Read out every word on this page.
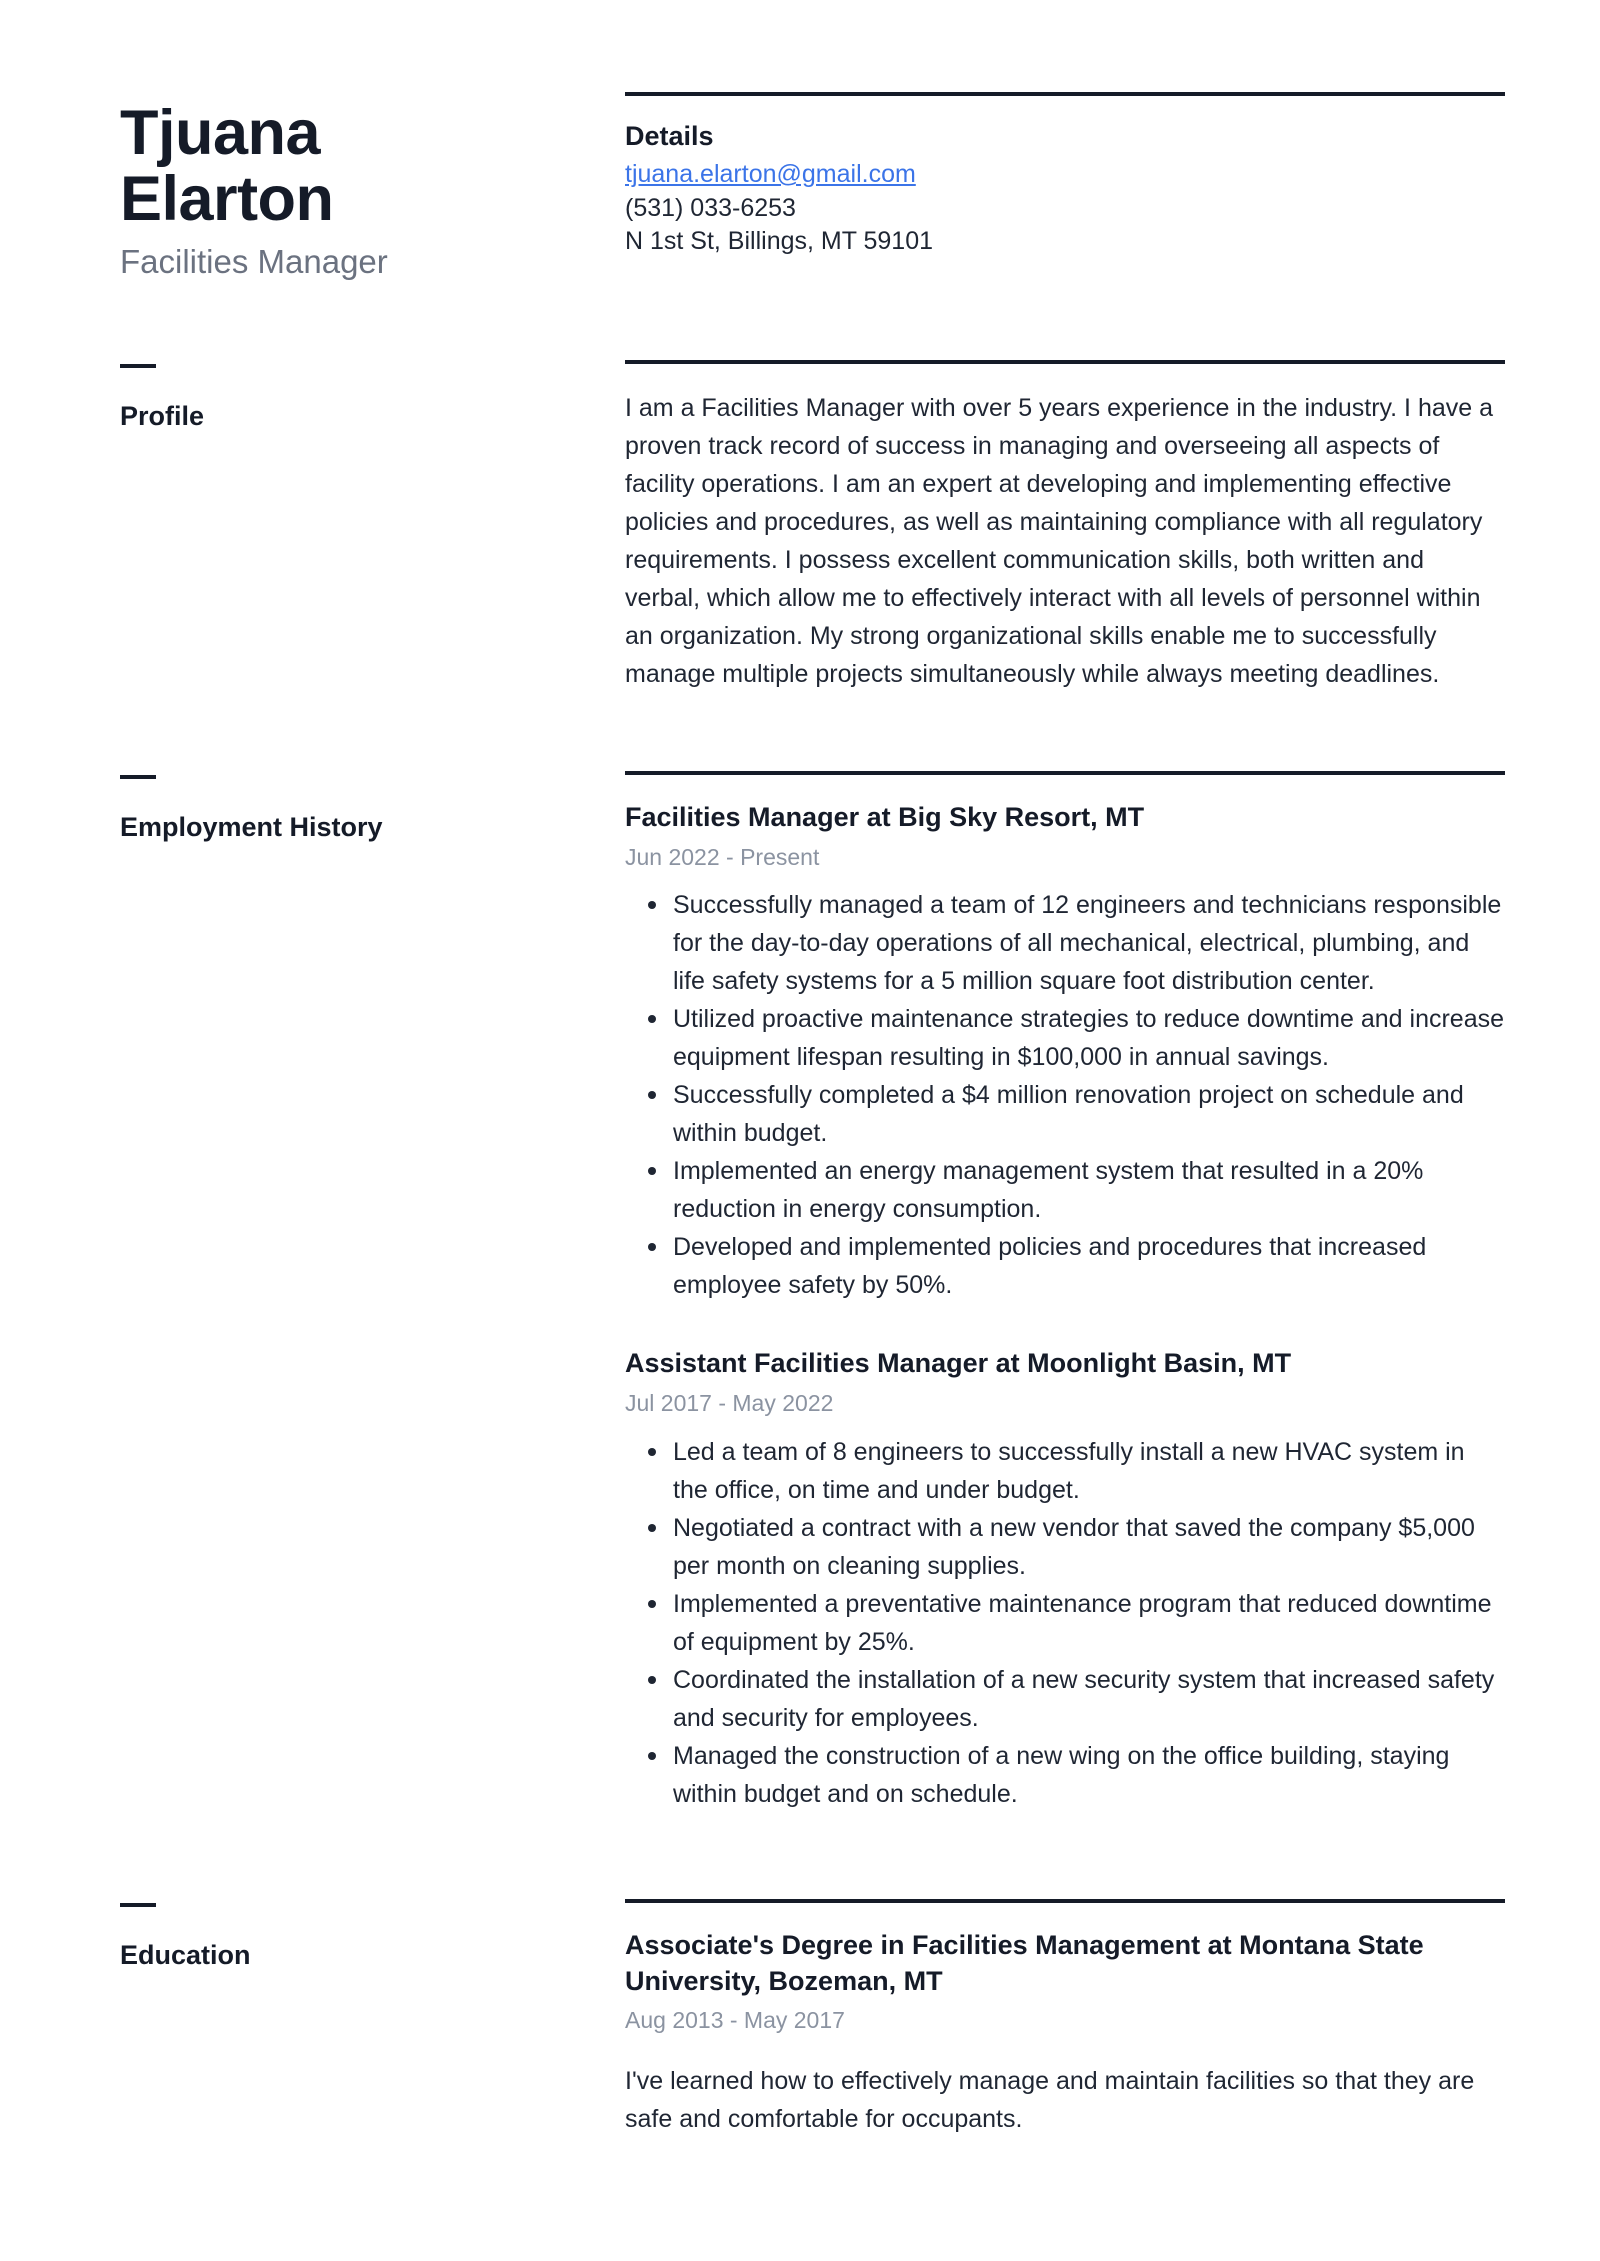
Tjuana
Elarton
Facilities Manager
Details
tjuana.elarton@gmail.com
(531) 033-6253
N 1st St, Billings, MT 59101
Profile	I am a Facilities Manager with over 5 years experience in the industry. I have a proven track record of success in managing and overseeing all aspects of facility operations. I am an expert at developing and implementing effective policies and procedures, as well as maintaining compliance with all regulatory requirements. I possess excellent communication skills, both written and verbal, which allow me to effectively interact with all levels of personnel within an organization. My strong organizational skills enable me to successfully manage multiple projects simultaneously while always meeting deadlines.

Employment History	Facilities Manager at Big Sky Resort, MT
Jun 2022 - Present
Successfully managed a team of 12 engineers and technicians responsible for the day-to-day operations of all mechanical, electrical, plumbing, and life safety systems for a 5 million square foot distribution center.
Utilized proactive maintenance strategies to reduce downtime and increase equipment lifespan resulting in $100,000 in annual savings.
Successfully completed a $4 million renovation project on schedule and within budget.
Implemented an energy management system that resulted in a 20% reduction in energy consumption.
Developed and implemented policies and procedures that increased employee safety by 50%.
Assistant Facilities Manager at Moonlight Basin, MT
Jul 2017 - May 2022
Led a team of 8 engineers to successfully install a new HVAC system in the office, on time and under budget.
Negotiated a contract with a new vendor that saved the company $5,000 per month on cleaning supplies.
Implemented a preventative maintenance program that reduced downtime of equipment by 25%.
Coordinated the installation of a new security system that increased safety and security for employees.
Managed the construction of a new wing on the office building, staying within budget and on schedule.
Education	Associate's Degree in Facilities Management at Montana State University, Bozeman, MT
Aug 2013 - May 2017
I've learned how to effectively manage and maintain facilities so that they are safe and comfortable for occupants.
